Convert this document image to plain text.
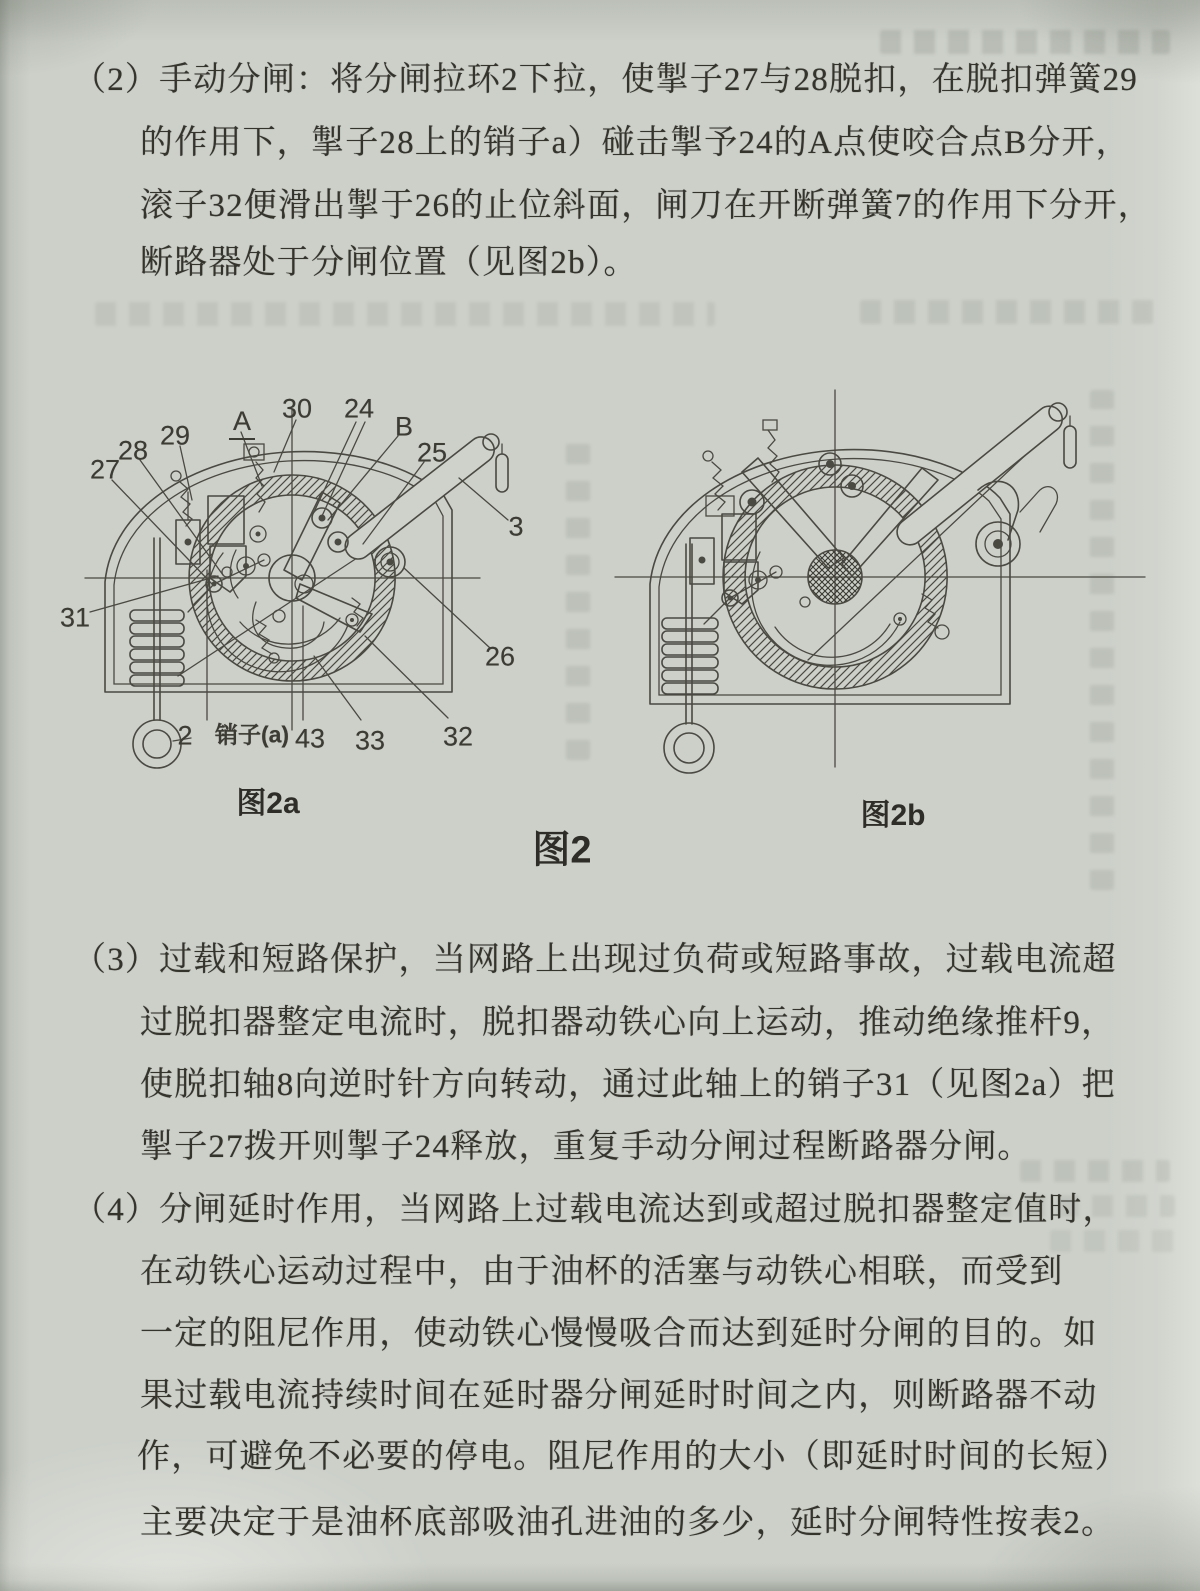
（2）手动分闸：将分闸拉环2下拉，使掣子27与28脱扣，在脱扣弹簧29
的作用下，掣子28上的销子a）碰击掣予24的A点使咬合点B分开，
滚子32便滑出掣于26的止位斜面，闸刀在开断弹簧7的作用下分开，
断路器处于分闸位置（见图2b）。
27
28 29 A 30 24
B
25
3
31
2 销子(a) 43 33 32
26
图2a	图2b
图2
（3）过载和短路保护，当网路上出现过负荷或短路事故，过载电流超
过脱扣器整定电流时，脱扣器动铁心向上运动，推动绝缘推杆9，
使脱扣轴8向逆时针方向转动，通过此轴上的销子31（见图2a）把
掣子27拨开则掣子24释放，重复手动分闸过程断路器分闸。
（4）分闸延时作用，当网路上过载电流达到或超过脱扣器整定值时，
在动铁心运动过程中，由于油杯的活塞与动铁心相联，而受到
一定的阻尼作用，使动铁心慢慢吸合而达到延时分闸的目的。如
果过载电流持续时间在延时器分闸延时时间之内，则断路器不动
作，可避免不必要的停电。阻尼作用的大小（即延时时间的长短）
主要决定于是油杯底部吸油孔进油的多少，延时分闸特性按表2。
